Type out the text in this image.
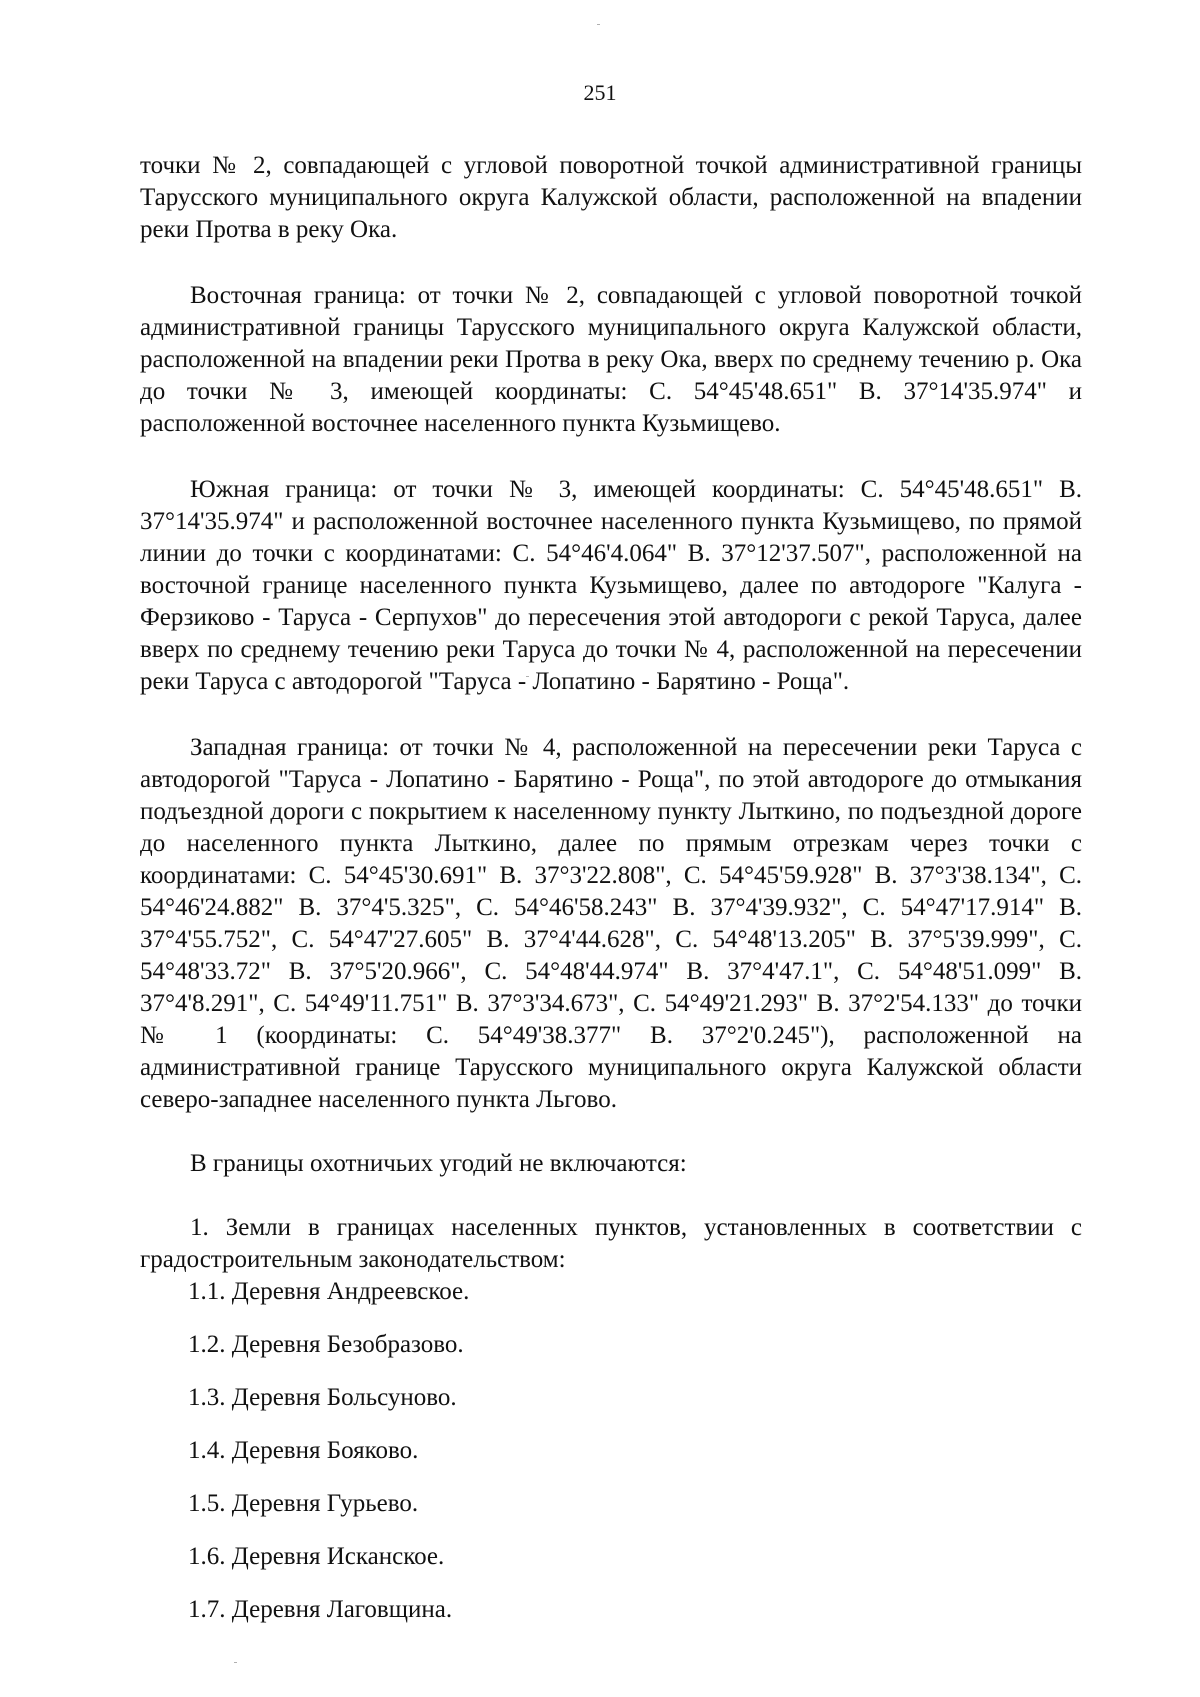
251

точки № 2, совпадающей с угловой поворотной точкой административной границы Тарусского муниципального округа Калужской области, расположенной на впадении реки Протва в реку Ока.

Восточная граница: от точки № 2, совпадающей с угловой поворотной точкой административной границы Тарусского муниципального округа Калужской области, расположенной на впадении реки Протва в реку Ока, вверх по среднему течению р. Ока до точки № 3, имеющей координаты: С. 54°45'48.651" В. 37°14'35.974" и расположенной восточнее населенного пункта Кузьмищево.

Южная граница: от точки № 3, имеющей координаты: С. 54°45'48.651" В. 37°14'35.974" и расположенной восточнее населенного пункта Кузьмищево, по прямой линии до точки с координатами: С. 54°46'4.064" В. 37°12'37.507", расположенной на восточной границе населенного пункта Кузьмищево, далее по автодороге "Калуга - Ферзиково - Таруса - Серпухов" до пересечения этой автодороги с рекой Таруса, далее вверх по среднему течению реки Таруса до точки № 4, расположенной на пересечении реки Таруса с автодорогой "Таруса - Лопатино - Барятино - Роща".

Западная граница: от точки № 4, расположенной на пересечении реки Таруса с автодорогой "Таруса - Лопатино - Барятино - Роща", по этой автодороге до отмыкания подъездной дороги с покрытием к населенному пункту Лыткино, по подъездной дороге до населенного пункта Лыткино, далее по прямым отрезкам через точки с координатами: С. 54°45'30.691" В. 37°3'22.808", С. 54°45'59.928" В. 37°3'38.134", С. 54°46'24.882" В. 37°4'5.325", С. 54°46'58.243" В. 37°4'39.932", С. 54°47'17.914" В. 37°4'55.752", С. 54°47'27.605" В. 37°4'44.628", С. 54°48'13.205" В. 37°5'39.999", С. 54°48'33.72" В. 37°5'20.966", С. 54°48'44.974" В. 37°4'47.1", С. 54°48'51.099" В. 37°4'8.291", С. 54°49'11.751" В. 37°3'34.673", С. 54°49'21.293" В. 37°2'54.133" до точки № 1 (координаты: С. 54°49'38.377" В. 37°2'0.245"), расположенной на административной границе Тарусского муниципального округа Калужской области северо-западнее населенного пункта Льгово.

В границы охотничьих угодий не включаются:

1. Земли в границах населенных пунктов, установленных в соответствии с градостроительным законодательством:

1.1. Деревня Андреевское.

1.2. Деревня Безобразово.

1.3. Деревня Больсуново.

1.4. Деревня Бояково.

1.5. Деревня Гурьево.

1.6. Деревня Исканское.

1.7. Деревня Лаговщина.
